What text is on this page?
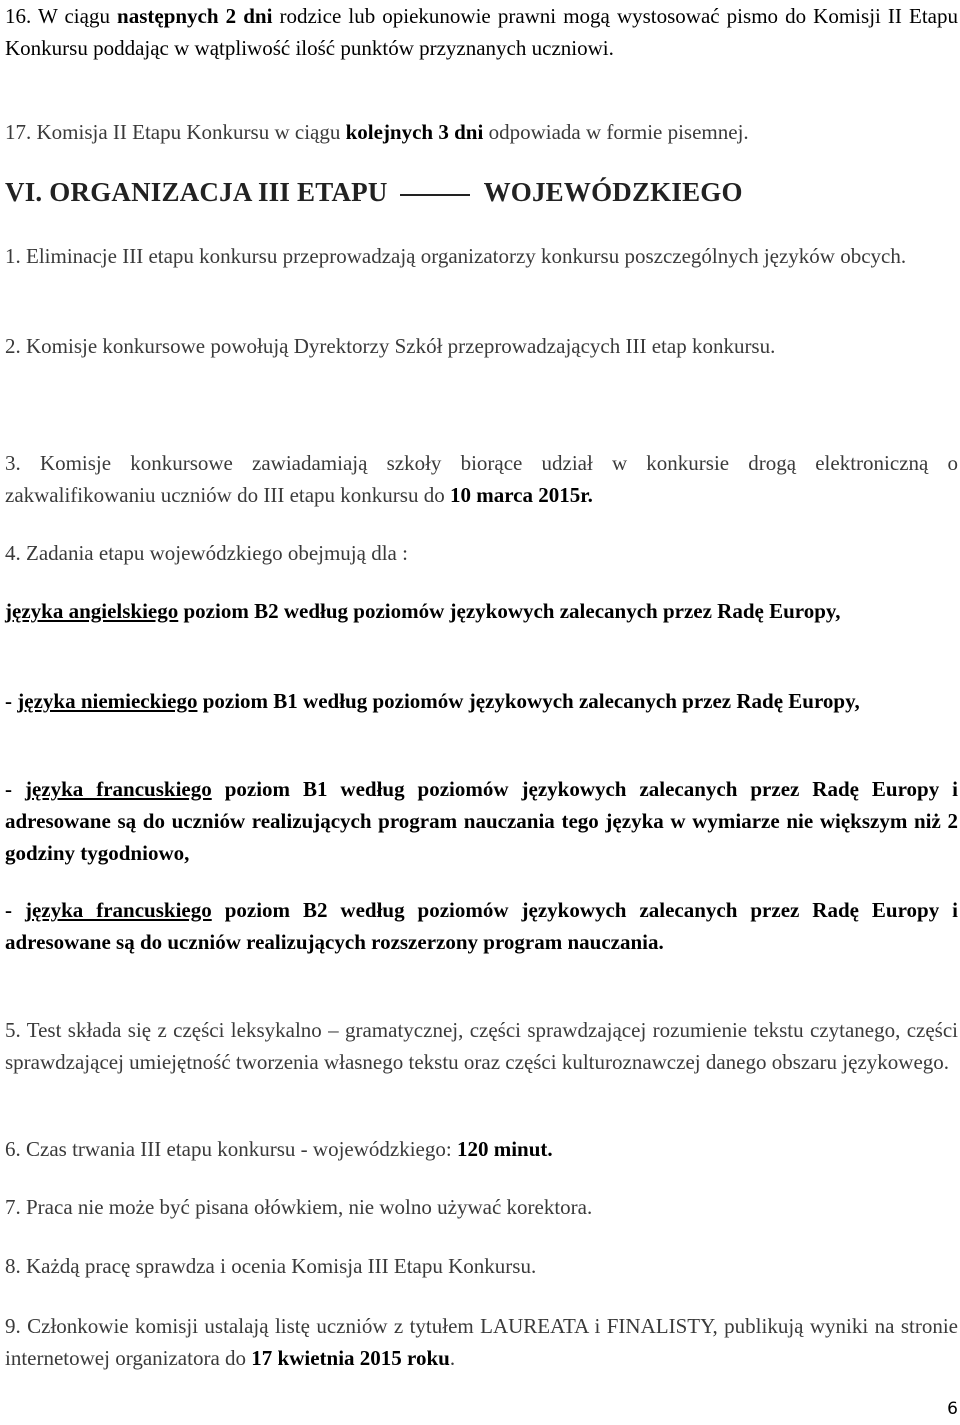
16. W ciągu następnych 2 dni rodzice lub opiekunowie prawni mogą wystosować pismo do Komisji II Etapu Konkursu poddając w wątpliwość ilość punktów przyznanych uczniowi.

17. Komisja II Etapu Konkursu w ciągu kolejnych 3 dni odpowiada w formie pisemnej.

VI. ORGANIZACJA III ETAPU	WOJEWÓDZKIEGO

1. Eliminacje III etapu konkursu przeprowadzają organizatorzy konkursu poszczególnych języków obcych.

2. Komisje konkursowe powołują Dyrektorzy Szkół przeprowadzających III etap konkursu.

3. Komisje konkursowe zawiadamiają szkoły biorące udział w konkursie drogą elektroniczną o zakwalifikowaniu uczniów do III etapu konkursu do 10 marca 2015r.

4. Zadania etapu wojewódzkiego obejmują dla :

języka angielskiego poziom B2 według poziomów językowych zalecanych przez Radę Europy,

- języka niemieckiego poziom B1 według poziomów językowych zalecanych przez Radę Europy,

- języka francuskiego poziom B1 według poziomów językowych zalecanych przez Radę Europy i adresowane są do uczniów realizujących program nauczania tego języka w wymiarze nie większym niż 2 godziny tygodniowo,

- języka francuskiego poziom B2 według poziomów językowych zalecanych przez Radę Europy i adresowane są do uczniów realizujących rozszerzony program nauczania.

5. Test składa się z części leksykalno – gramatycznej, części sprawdzającej rozumienie tekstu czytanego, części sprawdzającej umiejętność tworzenia własnego tekstu oraz części kulturoznawczej danego obszaru językowego.

6. Czas trwania III etapu konkursu - wojewódzkiego: 120 minut.

7. Praca nie może być pisana ołówkiem, nie wolno używać korektora.

8. Każdą pracę sprawdza i ocenia Komisja III Etapu Konkursu.

9. Członkowie komisji ustalają listę uczniów z tytułem LAUREATA i FINALISTY, publikują wyniki na stronie internetowej organizatora do 17 kwietnia 2015 roku.

6
